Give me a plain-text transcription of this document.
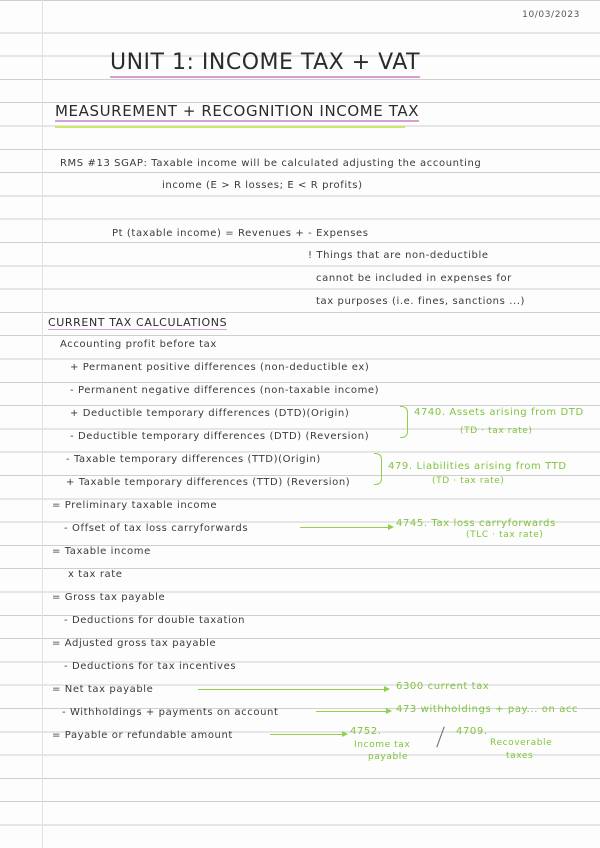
10/03/2023
UNIT 1: INCOME TAX + VAT
MEASUREMENT + RECOGNITION INCOME TAX
RMS #13 SGAP: Taxable income will be calculated adjusting the accounting
income (E > R losses; E < R profits)
Pt (taxable income) = Revenues + - Expenses
! Things that are non-deductible
cannot be included in expenses for
tax purposes (i.e. fines, sanctions ...)
CURRENT TAX CALCULATIONS
Accounting profit before tax
+ Permanent positive differences (non-deductible ex)
- Permanent negative differences (non-taxable income)
+ Deductible temporary differences (DTD)(Origin)
- Deductible temporary differences (DTD) (Reversion)
- Taxable temporary differences (TTD)(Origin)
+ Taxable temporary differences (TTD) (Reversion)
= Preliminary taxable income
- Offset of tax loss carryforwards
= Taxable income
x tax rate
= Gross tax payable
- Deductions for double taxation
= Adjusted gross tax payable
- Deductions for tax incentives
= Net tax payable
- Withholdings + payments on account
= Payable or refundable amount
4740. Assets arising from DTD
(TD · tax rate)
479. Liabilities arising from TTD
(TD · tax rate)
4745. Tax loss carryforwards
(TLC · tax rate)
6300 current tax
473 withholdings + pay... on acc
4752.
Income tax
payable
4709.
Recoverable
taxes
